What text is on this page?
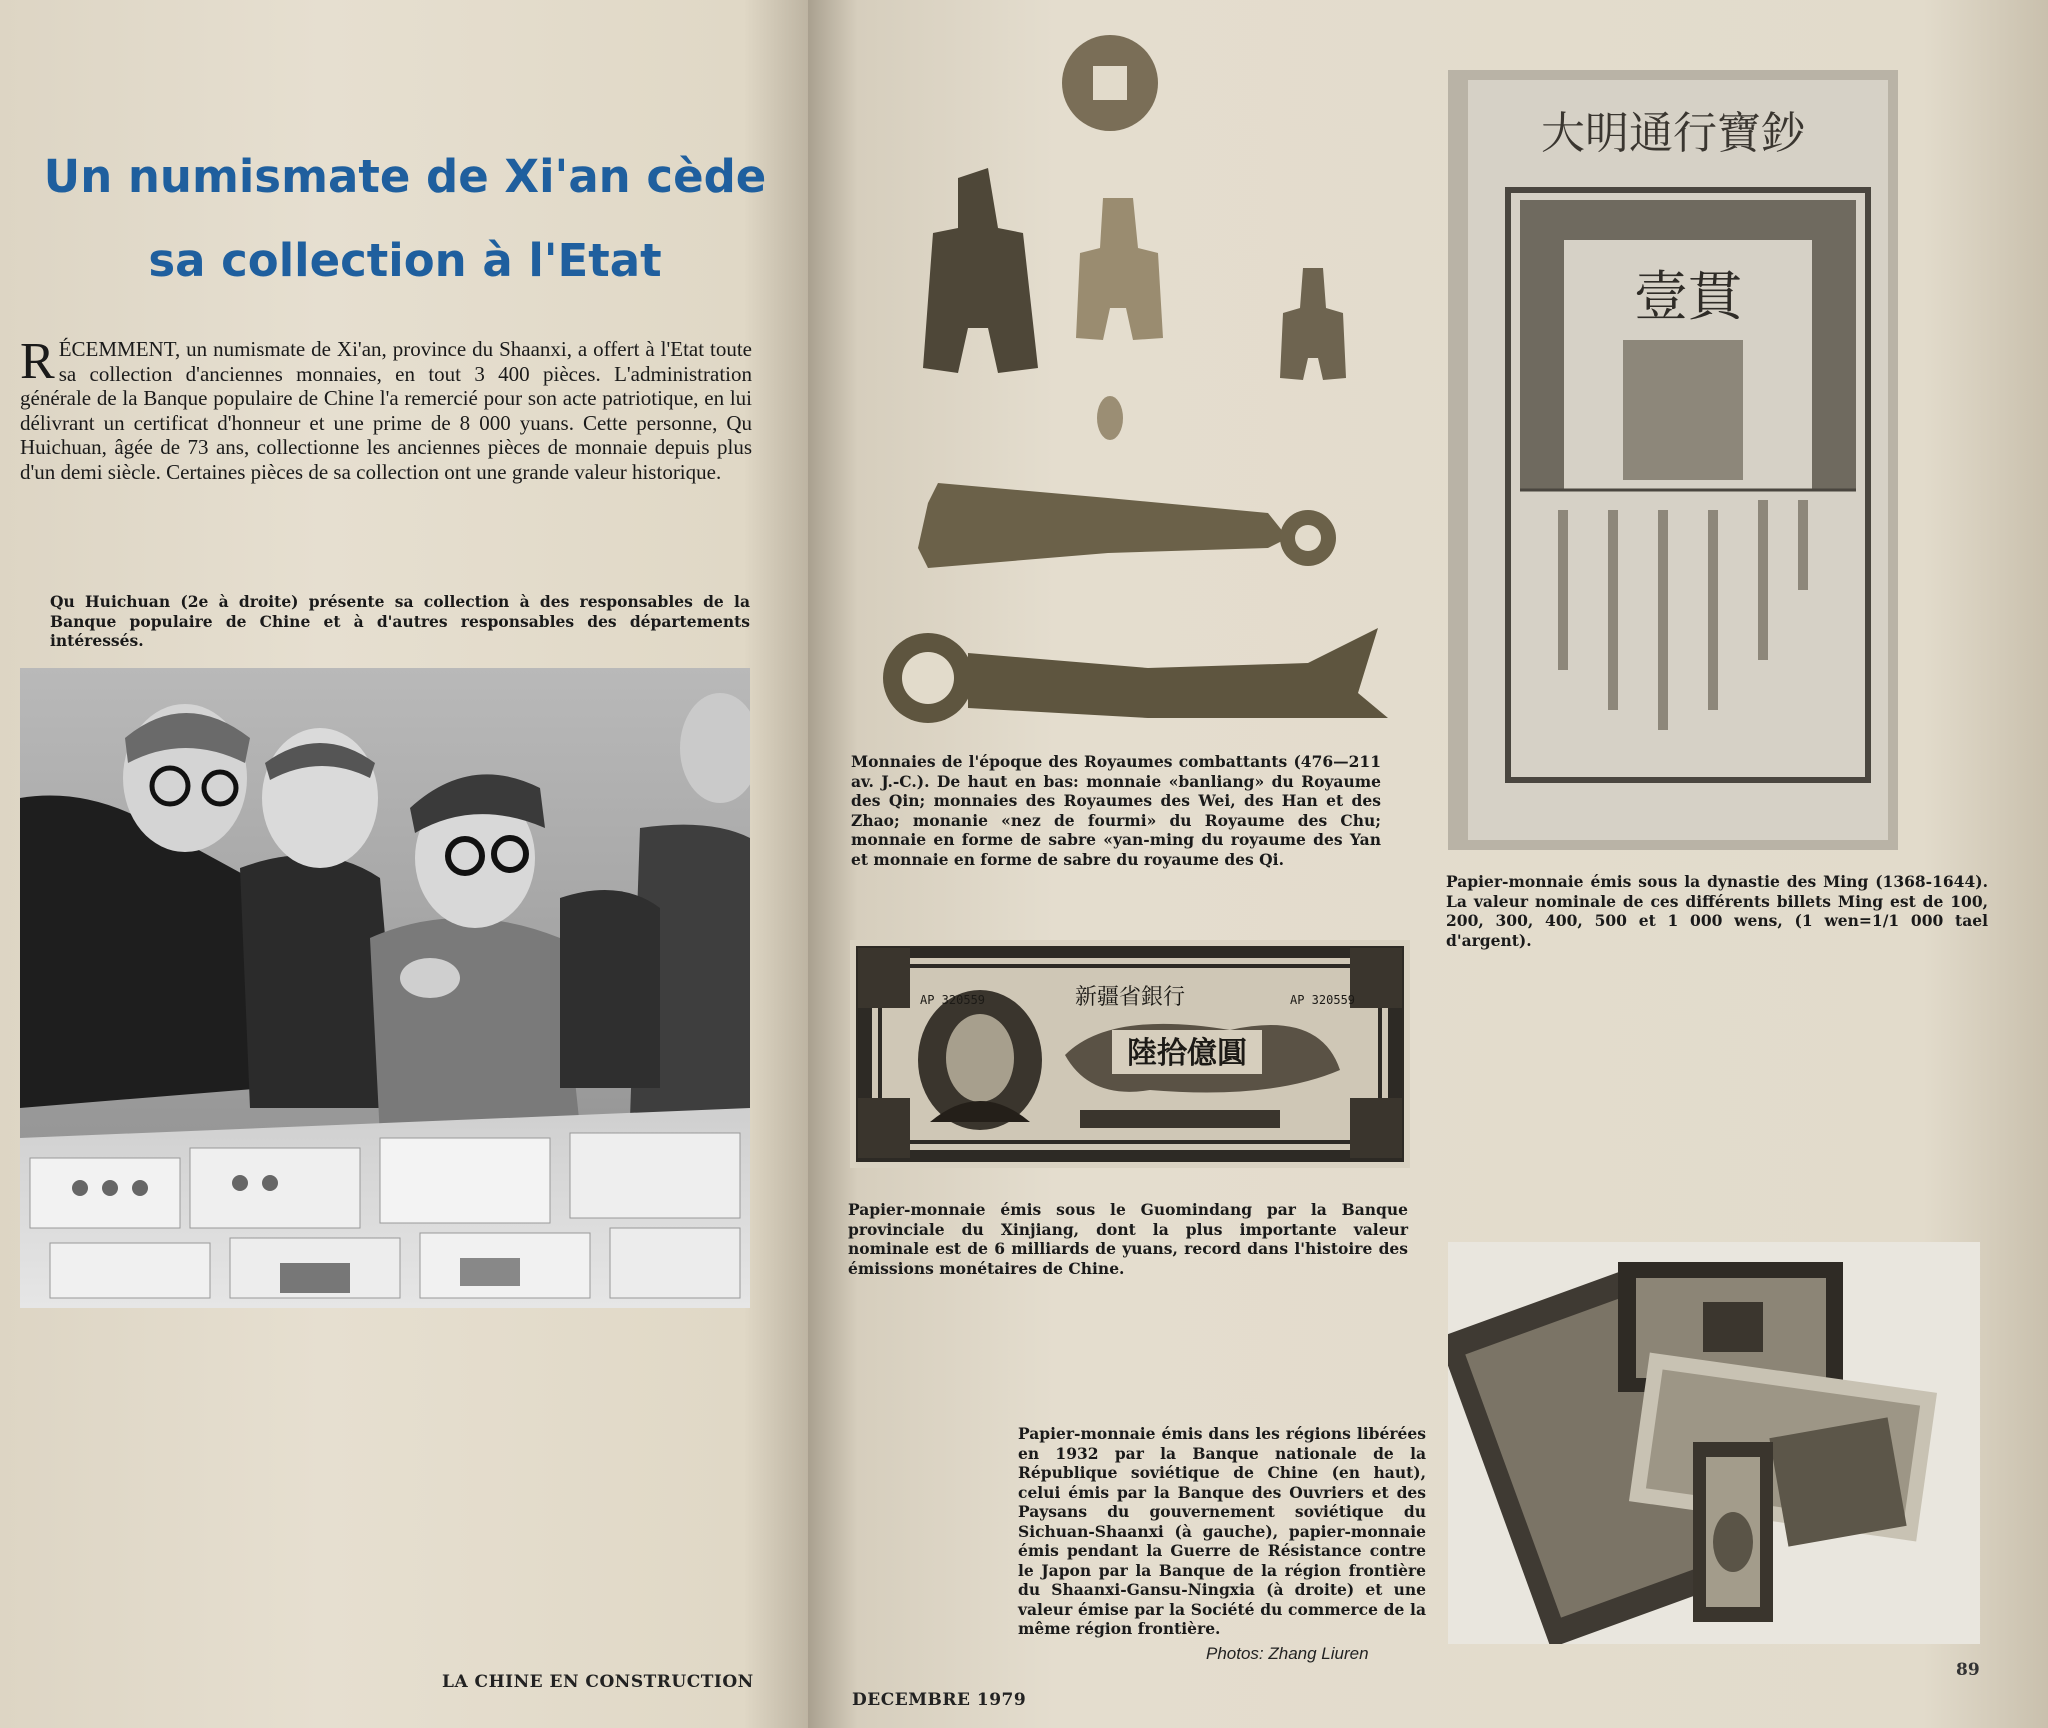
Un numismate de Xi'an cède
sa collection à l'Etat
RÉCEMMENT, un numismate de Xi'an, province du Shaanxi, a offert à l'Etat toute sa collection d'anciennes monnaies, en tout 3 400 pièces. L'administration générale de la Banque populaire de Chine l'a remercié pour son acte patriotique, en lui délivrant un certificat d'honneur et une prime de 8 000 yuans. Cette personne, Qu Huichuan, âgée de 73 ans, collectionne les anciennes pièces de monnaie depuis plus d'un demi siècle. Certaines pièces de sa collection ont une grande valeur historique.
Qu Huichuan (2e à droite) présente sa collection à des responsables de la Banque populaire de Chine et à d'autres responsables des départements intéressés.
LA CHINE EN CONSTRUCTION
Monnaies de l'époque des Royaumes combattants (476—211 av. J.-C.). De haut en bas: monnaie «banliang» du Royaume des Qin; monnaies des Royaumes des Wei, des Han et des Zhao; monanie «nez de fourmi» du Royaume des Chu; monnaie en forme de sabre «yan-ming du royaume des Yan et monnaie en forme de sabre du royaume des Qi.
陸拾億圓
新疆省銀行	AP 320559
AP 320559
Papier-monnaie émis sous le Guomindang par la Banque provinciale du Xinjiang, dont la plus importante valeur nominale est de 6 milliards de yuans, record dans l'histoire des émissions monétaires de Chine.
大明通行寶鈔
壹貫
Papier-monnaie émis sous la dynastie des Ming (1368-1644). La valeur nominale de ces différents billets Ming est de 100, 200, 300, 400, 500 et 1 000 wens, (1 wen=1/1 000 tael d'argent).
Papier-monnaie émis dans les régions libérées en 1932 par la Banque nationale de la République soviétique de Chine (en haut), celui émis par la Banque des Ouvriers et des Paysans du gouvernement soviétique du Sichuan-Shaanxi (à gauche), papier-monnaie émis pendant la Guerre de Résistance contre le Japon par la Banque de la région frontière du Shaanxi-Gansu-Ningxia (à droite) et une valeur émise par la Société du commerce de la même région frontière.
Photos: Zhang Liuren
DECEMBRE 1979
89
